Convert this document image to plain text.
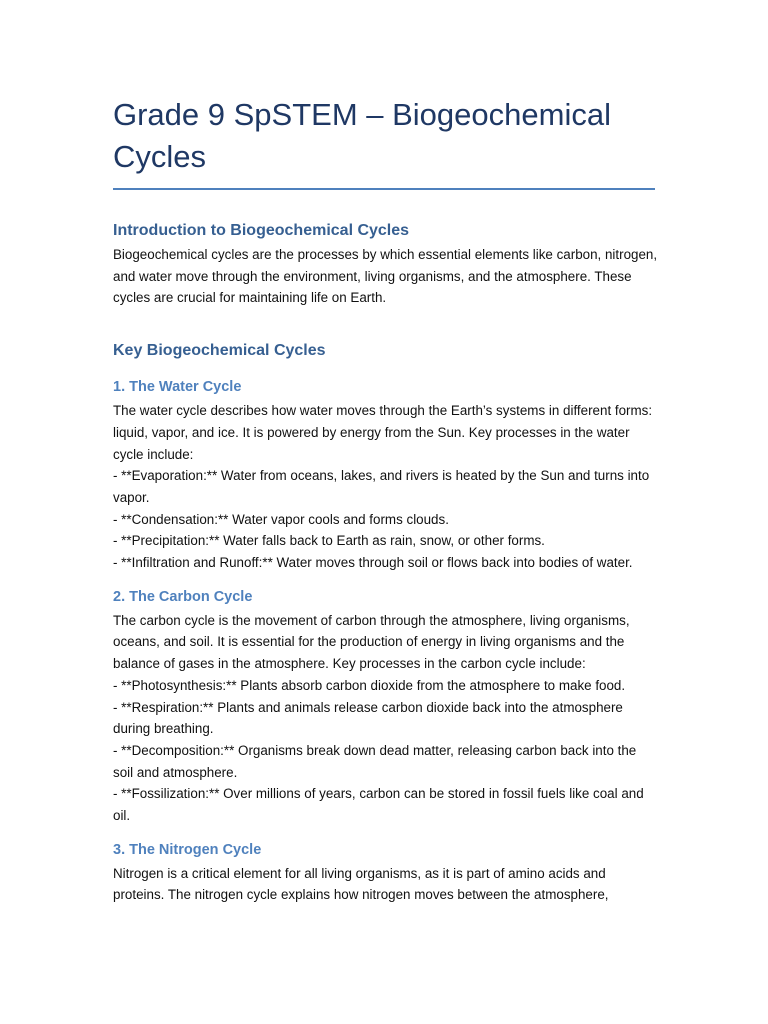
Grade 9 SpSTEM – Biogeochemical Cycles
Introduction to Biogeochemical Cycles

Biogeochemical cycles are the processes by which essential elements like carbon, nitrogen, and water move through the environment, living organisms, and the atmosphere. These cycles are crucial for maintaining life on Earth.

Key Biogeochemical Cycles
1. The Water Cycle

The water cycle describes how water moves through the Earth’s systems in different forms: liquid, vapor, and ice. It is powered by energy from the Sun. Key processes in the water cycle include:
- **Evaporation:** Water from oceans, lakes, and rivers is heated by the Sun and turns into vapor.
- **Condensation:** Water vapor cools and forms clouds.
- **Precipitation:** Water falls back to Earth as rain, snow, or other forms.
- **Infiltration and Runoff:** Water moves through soil or flows back into bodies of water.

2. The Carbon Cycle

The carbon cycle is the movement of carbon through the atmosphere, living organisms, oceans, and soil. It is essential for the production of energy in living organisms and the balance of gases in the atmosphere. Key processes in the carbon cycle include:
- **Photosynthesis:** Plants absorb carbon dioxide from the atmosphere to make food.
- **Respiration:** Plants and animals release carbon dioxide back into the atmosphere during breathing.
- **Decomposition:** Organisms break down dead matter, releasing carbon back into the soil and atmosphere.
- **Fossilization:** Over millions of years, carbon can be stored in fossil fuels like coal and oil.

3. The Nitrogen Cycle

Nitrogen is a critical element for all living organisms, as it is part of amino acids and proteins. The nitrogen cycle explains how nitrogen moves between the atmosphere,
